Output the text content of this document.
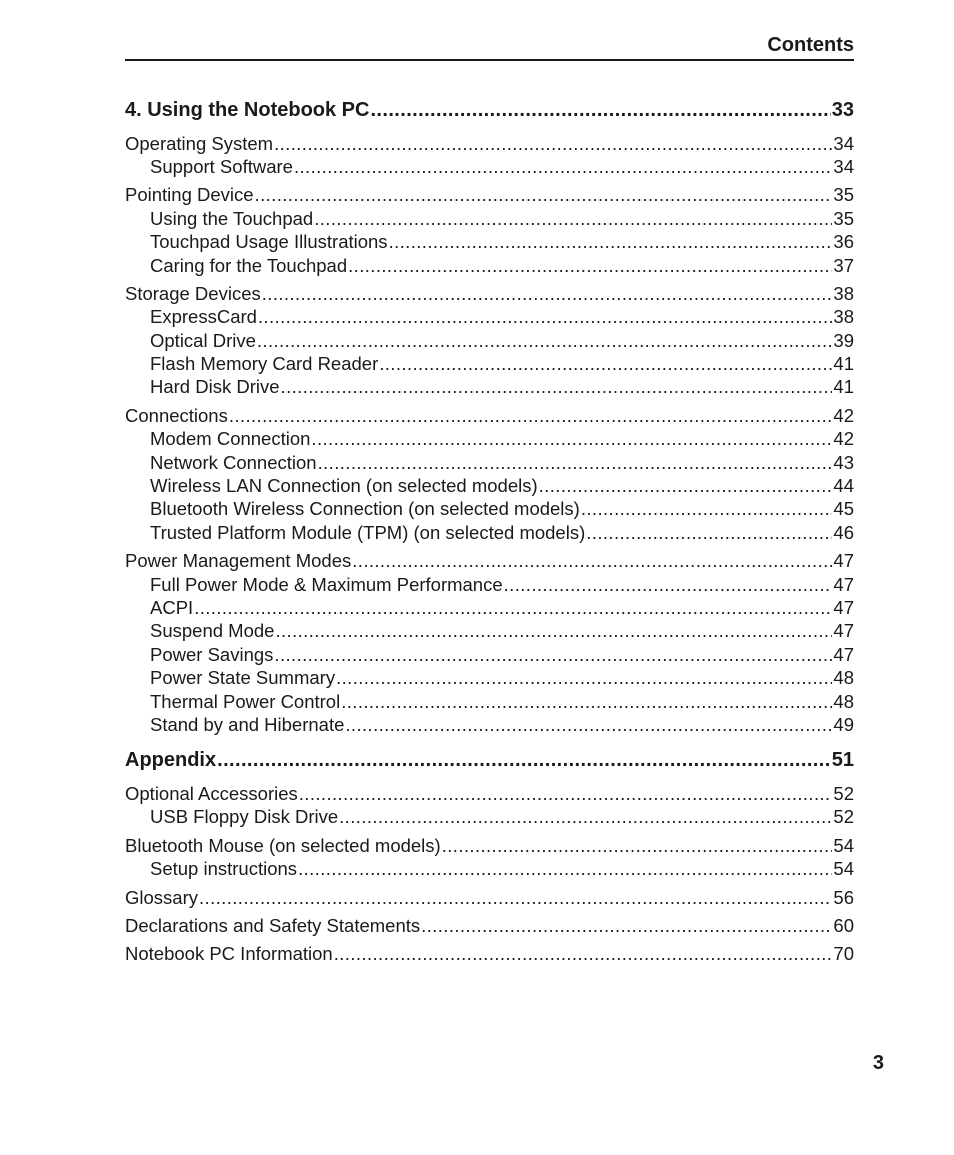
Contents
4. Using the Notebook PC .....	33
Operating System .....	34
Support Software .....	34
Pointing Device .....	35
Using the Touchpad .....	35
Touchpad Usage Illustrations .....	36
Caring for the Touchpad .....	37
Storage Devices .....	38
ExpressCard .....	38
Optical Drive .....	39
Flash Memory Card Reader .....	41
Hard Disk Drive .....	41
Connections .....	42
Modem Connection .....	42
Network Connection .....	43
Wireless LAN Connection (on selected models) .....	44
Bluetooth Wireless Connection (on selected models) .....	45
Trusted Platform Module (TPM) (on selected models) .....	46
Power Management Modes .....	47
Full Power Mode & Maximum Performance .....	47
ACPI .....	47
Suspend Mode .....	47
Power Savings .....	47
Power State Summary .....	48
Thermal Power Control .....	48
Stand by and Hibernate .....	49
Appendix .....	51
Optional Accessories .....	52
USB Floppy Disk Drive .....	52
Bluetooth Mouse (on selected models) .....	54
Setup instructions .....	54
Glossary .....	56
Declarations and Safety Statements .....	60
Notebook PC Information .....	70
3
